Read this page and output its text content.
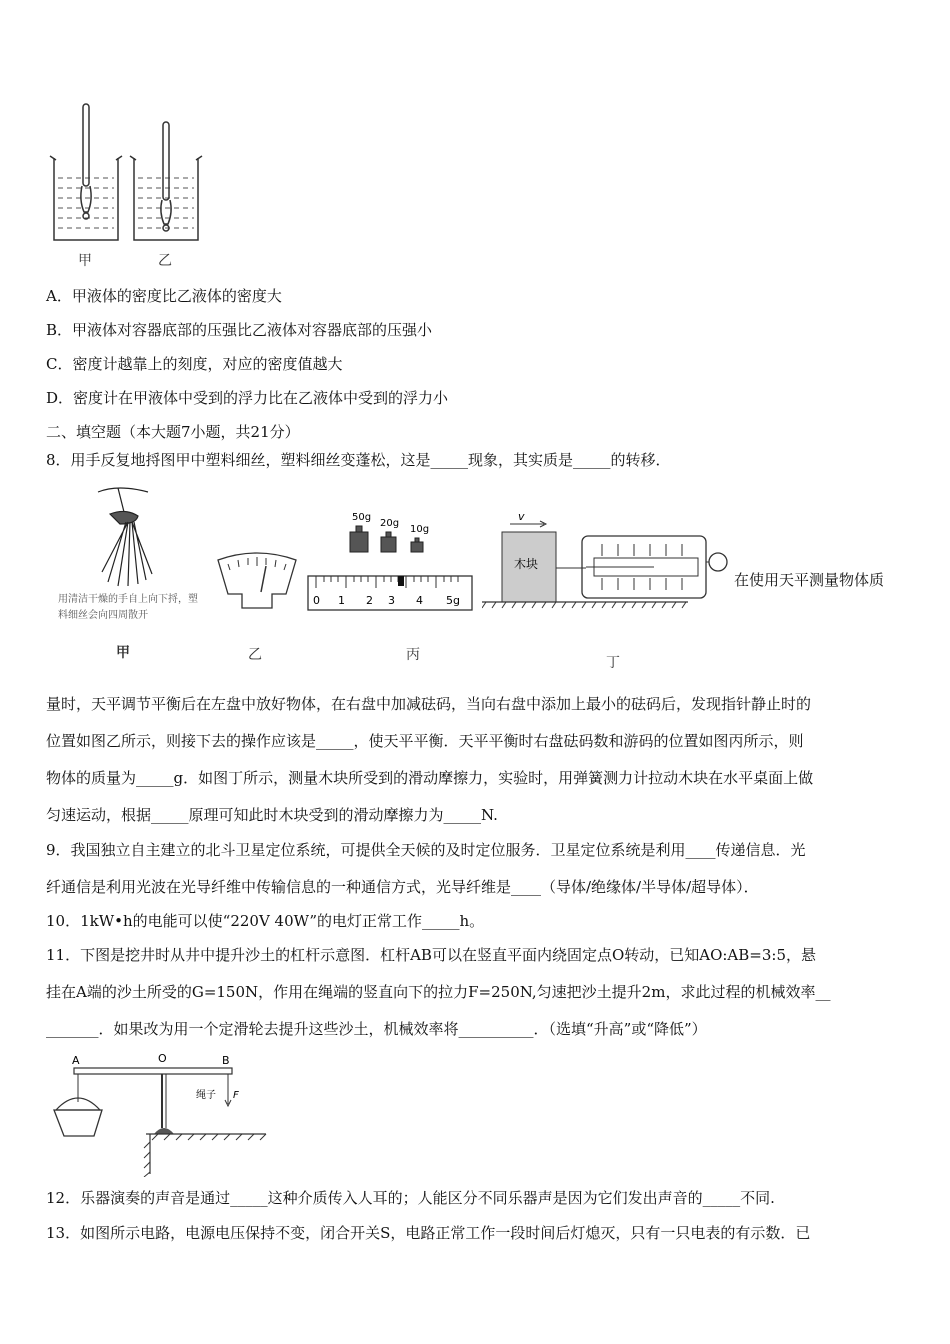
甲	乙
A．甲液体的密度比乙液体的密度大
B．甲液体对容器底部的压强比乙液体对容器底部的压强小
C．密度计越靠上的刻度，对应的密度值越大
D．密度计在甲液体中受到的浮力比在乙液体中受到的浮力小
二、填空题（本大题7小题，共21分）
8．用手反复地捋图甲中塑料细丝，塑料细丝变蓬松，这是_____现象，其实质是_____的转移．
用清洁干燥的手自上向下捋，塑料细丝会向四周散开
甲	乙
50g
20g
10g
0 1 2 3 4 5g
丙
v
木块
在使用天平测量物体质
丁
量时，天平调节平衡后在左盘中放好物体，在右盘中加减砝码，当向右盘中添加上最小的砝码后，发现指针静止时的
位置如图乙所示，则接下去的操作应该是_____，使天平平衡．天平平衡时右盘砝码数和游码的位置如图丙所示，则
物体的质量为_____g．如图丁所示，测量木块所受到的滑动摩擦力，实验时，用弹簧测力计拉动木块在水平桌面上做
匀速运动，根据_____原理可知此时木块受到的滑动摩擦力为_____N.
9．我国独立自主建立的北斗卫星定位系统，可提供全天候的及时定位服务．卫星定位系统是利用____传递信息．光
纤通信是利用光波在光导纤维中传输信息的一种通信方式，光导纤维是____（导体/绝缘体/半导体/超导体）．
10．1kW•h的电能可以使“220V 40W”的电灯正常工作_____h。
11．下图是挖井时从井中提升沙土的杠杆示意图．杠杆AB可以在竖直平面内绕固定点O转动，已知AO:AB=3:5，悬
挂在A端的沙土所受的G=150N，作用在绳端的竖直向下的拉力F=250N,匀速把沙土提升2m，求此过程的机械效率__
_______．如果改为用一个定滑轮去提升这些沙土，机械效率将__________．（选填“升高”或“降低”）
A	O	B
绳子 F
12．乐器演奏的声音是通过_____这种介质传入人耳的；人能区分不同乐器声是因为它们发出声音的_____不同.
13．如图所示电路，电源电压保持不变，闭合开关S，电路正常工作一段时间后灯熄灭，只有一只电表的有示数．已
